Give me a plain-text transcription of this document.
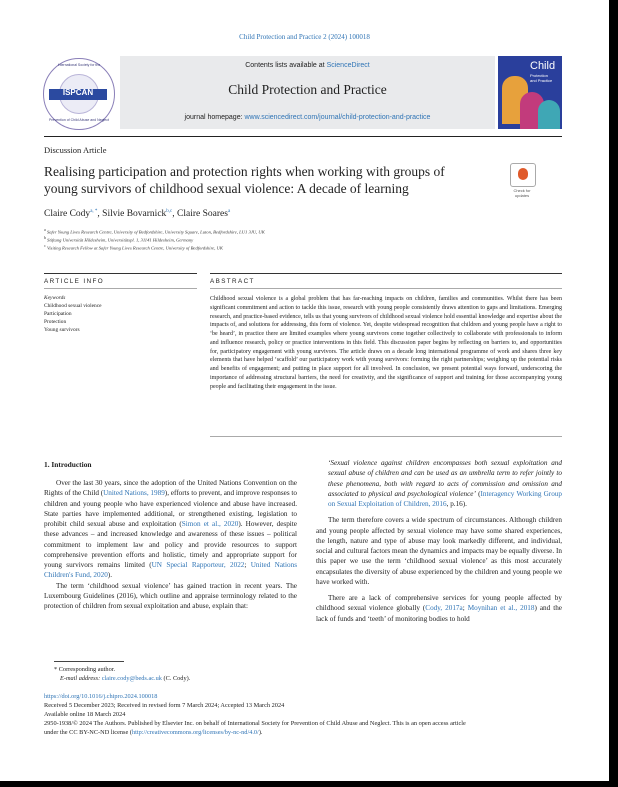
Child Protection and Practice 2 (2024) 100018
International Society for the
ISPCAN
Prevention of Child Abuse and Neglect
Contents lists available at ScienceDirect
Child Protection and Practice
journal homepage: www.sciencedirect.com/journal/child-protection-and-practice
Child
Protection
and Practice
Discussion Article
Realising participation and protection rights when working with groups of young survivors of childhood sexual violence: A decade of learning	Check for
updates
Claire Cody$^{a, *}$, Silvie Bovarnick$^{b,c}$, Claire Soares$^a$
$^a$ Safer Young Lives Research Centre, University of Bedfordshire, University Square, Luton, Bedfordshire, LU1 3JU, UK
$^b$ Stiftung Universität Hildesheim, Universitätspl. 1, 31141 Hildesheim, Germany
$^c$ Visiting Research Fellow at Safer Young Lives Research Centre, University of Bedfordshire, UK
ARTICLE INFO	ABSTRACT
Keywords
Childhood sexual violence
Participation
Protection
Young survivors
Childhood sexual violence is a global problem that has far-reaching impacts on children, families and communities. Whilst there has been significant commitment and action to tackle this issue, research with young people consistently draws attention to gaps and limitations. Emerging research, and practice-based evidence, tells us that young survivors of childhood sexual violence hold essential knowledge and expertise about the impacts of, and solutions for addressing, this form of violence. Yet, despite widespread recognition that children and young people have a right to ‘be heard’, in practice there are limited examples where young survivors come together collectively to collaborate with professionals to inform and influence research, policy or practice interventions in this field. This discussion paper begins by reflecting on barriers to, and opportunities for, participatory engagement with young survivors. The article draws on a decade long international programme of work and shares three key elements that have helped ‘scaffold’ our participatory work with young survivors: forming the right partnerships; weighing up the potential risks and benefits of engagement; and putting in place support for all involved. In conclusion, we present potential ways forward, underscoring the importance of addressing structural barriers, the need for creativity, and the significance of support and training for those accompanying young people and facilitating their engagement in the issue.
1. Introduction

Over the last 30 years, since the adoption of the United Nations Convention on the Rights of the Child (United Nations, 1989), efforts to prevent, and improve responses to children and young people who have experienced violence and abuse have increased. State parties have implemented additional, or strengthened existing, legislation to prohibit child sexual abuse and exploitation (Simon et al., 2020). However, despite these advances – and increased knowledge and awareness of these issues – political commitment to implement law and policy and provide resources to support comprehensive prevention efforts and holistic, timely and appropriate support for young survivors remains limited (UN Special Rapporteur, 2022; United Nations Children's Fund, 2020).

The term ‘childhood sexual violence’ has gained traction in recent years. The Luxembourg Guidelines (2016), which outline and appraise terminology related to the protection of children from sexual exploitation and abuse, explain that:

‘Sexual violence against children encompasses both sexual exploitation and sexual abuse of children and can be used as an umbrella term to refer jointly to these phenomena, both with regard to acts of commission and omission and associated to physical and psychological violence’ (Interagency Working Group on Sexual Exploitation of Children, 2016, p.16).

The term therefore covers a wide spectrum of circumstances. Although children and young people affected by sexual violence may have some shared experiences, the length, nature and type of abuse may look markedly different, and individual, social and cultural factors mean the dynamics and impacts may be equally diverse. In this paper we use the term ‘childhood sexual violence’ as this most accurately encapsulates the diversity of abuse experienced by the children and young people we have worked with.

There are a lack of comprehensive services for young people affected by childhood sexual violence globally (Cody, 2017a; Moynihan et al., 2018) and the lack of funds and ‘teeth’ of monitoring bodies to hold

* Corresponding author.
E-mail address: claire.cody@beds.ac.uk (C. Cody).
https://doi.org/10.1016/j.chipro.2024.100018
Received 5 December 2023; Received in revised form 7 March 2024; Accepted 13 March 2024
Available online 18 March 2024
2950-1938/© 2024 The Authors. Published by Elsevier Inc. on behalf of International Society for Prevention of Child Abuse and Neglect. This is an open access article
under the CC BY-NC-ND license (http://creativecommons.org/licenses/by-nc-nd/4.0/).
